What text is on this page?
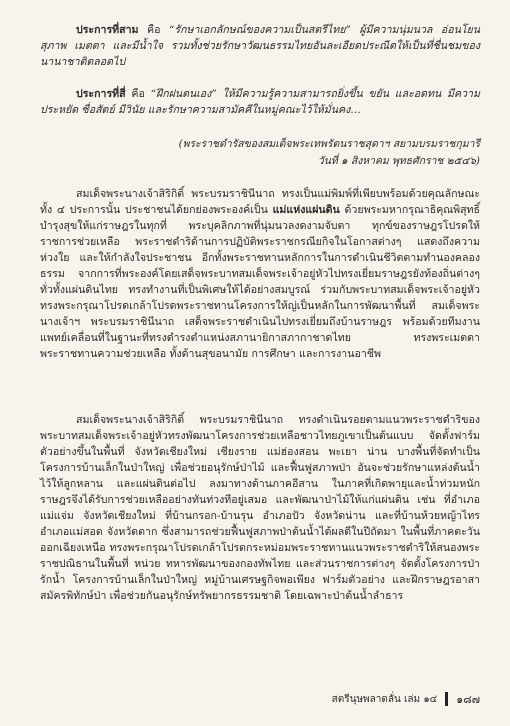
ประการที่สาม คือ “รักษาเอกลักษณ์ของความเป็นสตรีไทย” ผู้มีความนุ่มนวล อ่อนโยน สุภาพ เมตตา และมีน้ำใจ รวมทั้งช่วยรักษาวัฒนธรรมไทยอันละเอียดประณีตให้เป็นที่ชื่นชมของนานาชาติตลอดไป
ประการที่สี่ คือ “ฝึกฝนตนเอง” ให้มีความรู้ความสามารถยิ่งขึ้น ขยัน และอดทน มีความประหยัด ซื่อสัตย์ มีวินัย และรักษาความสามัคคีในหมู่คณะไว้ให้มั่นคง…
(พระราชดำรัสของสมเด็จพระเทพรัตนราชสุดาฯ สยามบรมราชกุมารี
วันที่ ๑ สิงหาคม พุทธศักราช ๒๕๔๖)
สมเด็จพระนางเจ้าสิริกิติ์ พระบรมราชินีนาถ ทรงเป็นแม่พิมพ์ที่เพียบพร้อมด้วยคุณลักษณะทั้ง ๔ ประการนั้น ประชาชนได้ยกย่องพระองค์เป็น แม่แห่งแผ่นดิน ด้วยพระมหากรุณาธิคุณพิสุทธิ์ บำรุงสุขให้แก่ราษฎรในทุกที่ พระบุคลิกภาพที่นุ่มนวลงดงามจับตา ทุกข์ของราษฎรโปรดให้ราชการช่วยเหลือ พระราชดำริด้านการปฏิบัติพระราชกรณียกิจในโอกาสต่างๆ แสดงถึงความห่วงใย และให้กำลังใจประชาชน อีกทั้งพระราชทานหลักการในการดำเนินชีวิตตามทำนองคลองธรรม จากการที่พระองค์โดยเสด็จพระบาทสมเด็จพระเจ้าอยู่หัวไปทรงเยี่ยมราษฎรยังท้องถิ่นต่างๆ ทั่วทั้งแผ่นดินไทย ทรงทำงานที่เป็นพิเศษให้ได้อย่างสมบูรณ์ ร่วมกับพระบาทสมเด็จพระเจ้าอยู่หัวทรงพระกรุณาโปรดเกล้าโปรดพระราชทานโครงการให้ญ่เป็นหลักในการพัฒนาพื้นที่ สมเด็จพระนางเจ้าฯ พระบรมราชินีนาถ เสด็จพระราชดำเนินไปทรงเยี่ยมถึงบ้านราษฎร พร้อมด้วยทีมงานแพทย์เคลื่อนที่ในฐานะที่ทรงดำรงตำแหน่งสภานายิกาสภากาชาดไทย ทรงพระเมตตา พระราชทานความช่วยเหลือ ทั้งด้านสุขอนามัย การศึกษา และการงานอาชีพ
สมเด็จพระนางเจ้าสิริกิติ์ พระบรมราชินีนาถ ทรงดำเนินรอยตามแนวพระราชดำริของพระบาทสมเด็จพระเจ้าอยู่หัวทรงพัฒนาโครงการช่วยเหลือชาวไทยภูเขาเป็นต้นแบบ จัดตั้งฟาร์มตัวอย่างขึ้นในพื้นที่ จังหวัดเชียงใหม่ เชียงราย แม่ฮ่องสอน พะเยา น่าน บางพื้นที่จัดทำเป็นโครงการบ้านเล็กในป่าใหญ่ เพื่อช่วยอนุรักษ์ป่าไม้ และฟื้นฟูสภาพป่า อันจะช่วยรักษาแหล่งต้นน้ำไว้ให้ลูกหลาน และแผ่นดินต่อไป ลงมาทางด้านภาคอีสาน ในภาคที่เกิดพายุและน้ำท่วมหนัก ราษฎรจึงได้รับการช่วยเหลืออย่างทันท่วงทีอยู่เสมอ และพัฒนาป่าไม้ให้แก่แผ่นดิน เช่น ที่อำเภอแม่แจ่ม จังหวัดเชียงใหม่ ที่บ้านกรอก-บ้านรุน อำเภอปัว จังหวัดน่าน และที่บ้านห้วยหญ้าไทร อำเภอแม่สอด จังหวัดตาก ซึ่งสามารถช่วยฟื้นฟูสภาพป่าต้นน้ำได้ผลดีในปีถัดมา ในพื้นที่ภาคตะวันออกเฉียงเหนือ ทรงพระกรุณาโปรดเกล้าโปรดกระหม่อมพระราชทานแนวพระราชดำริให้สนองพระราชปณิธานในพื้นที่ หน่วย ทหารพัฒนาของกองทัพไทย และส่วนราชการต่างๆ จัดตั้งโครงการป่ารักน้ำ โครงการบ้านเล็กในป่าใหญ่ หมู่บ้านเศรษฐกิจพอเพียง ฟาร์มตัวอย่าง และฝึกราษฎรอาสาสมัครพิทักษ์ป่า เพื่อช่วยกันอนุรักษ์ทรัพยากรธรรมชาติ โดยเฉพาะป่าต้นน้ำลำธาร
สตรีนุษพลาดลั่น เล่ม ๑๔ ๑๘๗
